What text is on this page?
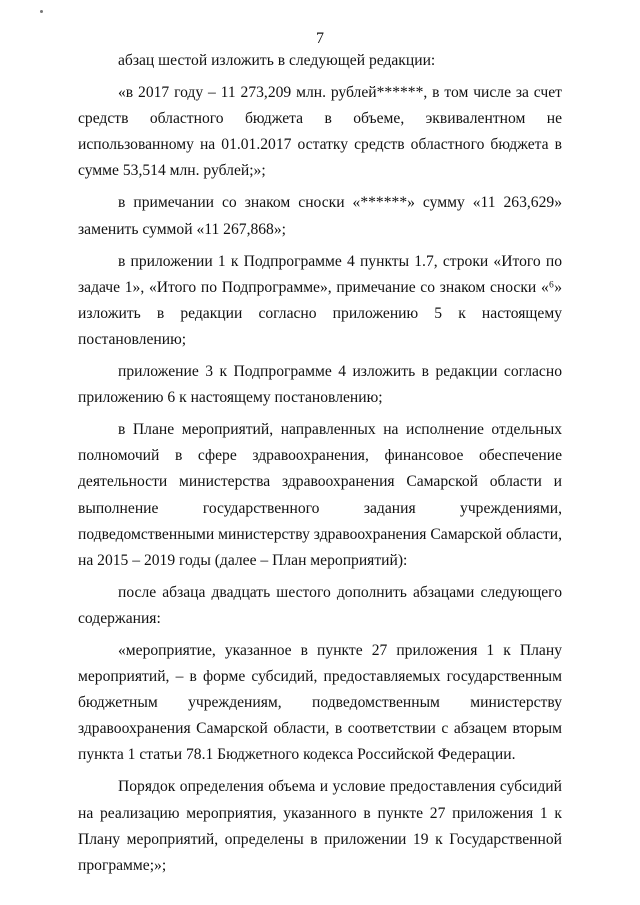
7

абзац шестой изложить в следующей редакции:

«в 2017 году – 11 273,209 млн. рублей******, в том числе за счет средств областного бюджета в объеме, эквивалентном не использованному на 01.01.2017 остатку средств областного бюджета в сумме 53,514 млн. рублей;»;

в примечании со знаком сноски «******» сумму «11 263,629» заменить суммой «11 267,868»;

в приложении 1 к Подпрограмме 4 пункты 1.7, строки «Итого по задаче 1», «Итого по Подпрограмме», примечание со знаком сноски «⁶» изложить в редакции согласно приложению 5 к настоящему постановлению;

приложение 3 к Подпрограмме 4 изложить в редакции согласно приложению 6 к настоящему постановлению;

в Плане мероприятий, направленных на исполнение отдельных полномочий в сфере здравоохранения, финансовое обеспечение деятельности министерства здравоохранения Самарской области и выполнение государственного задания учреждениями, подведомственными министерству здравоохранения Самарской области, на 2015 – 2019 годы (далее – План мероприятий):

после абзаца двадцать шестого дополнить абзацами следующего содержания:

«мероприятие, указанное в пункте 27 приложения 1 к Плану мероприятий, – в форме субсидий, предоставляемых государственным бюджетным учреждениям, подведомственным министерству здравоохранения Самарской области, в соответствии с абзацем вторым пункта 1 статьи 78.1 Бюджетного кодекса Российской Федерации.

Порядок определения объема и условие предоставления субсидий на реализацию мероприятия, указанного в пункте 27 приложения 1 к Плану мероприятий, определены в приложении 19 к Государственной программе;»;
